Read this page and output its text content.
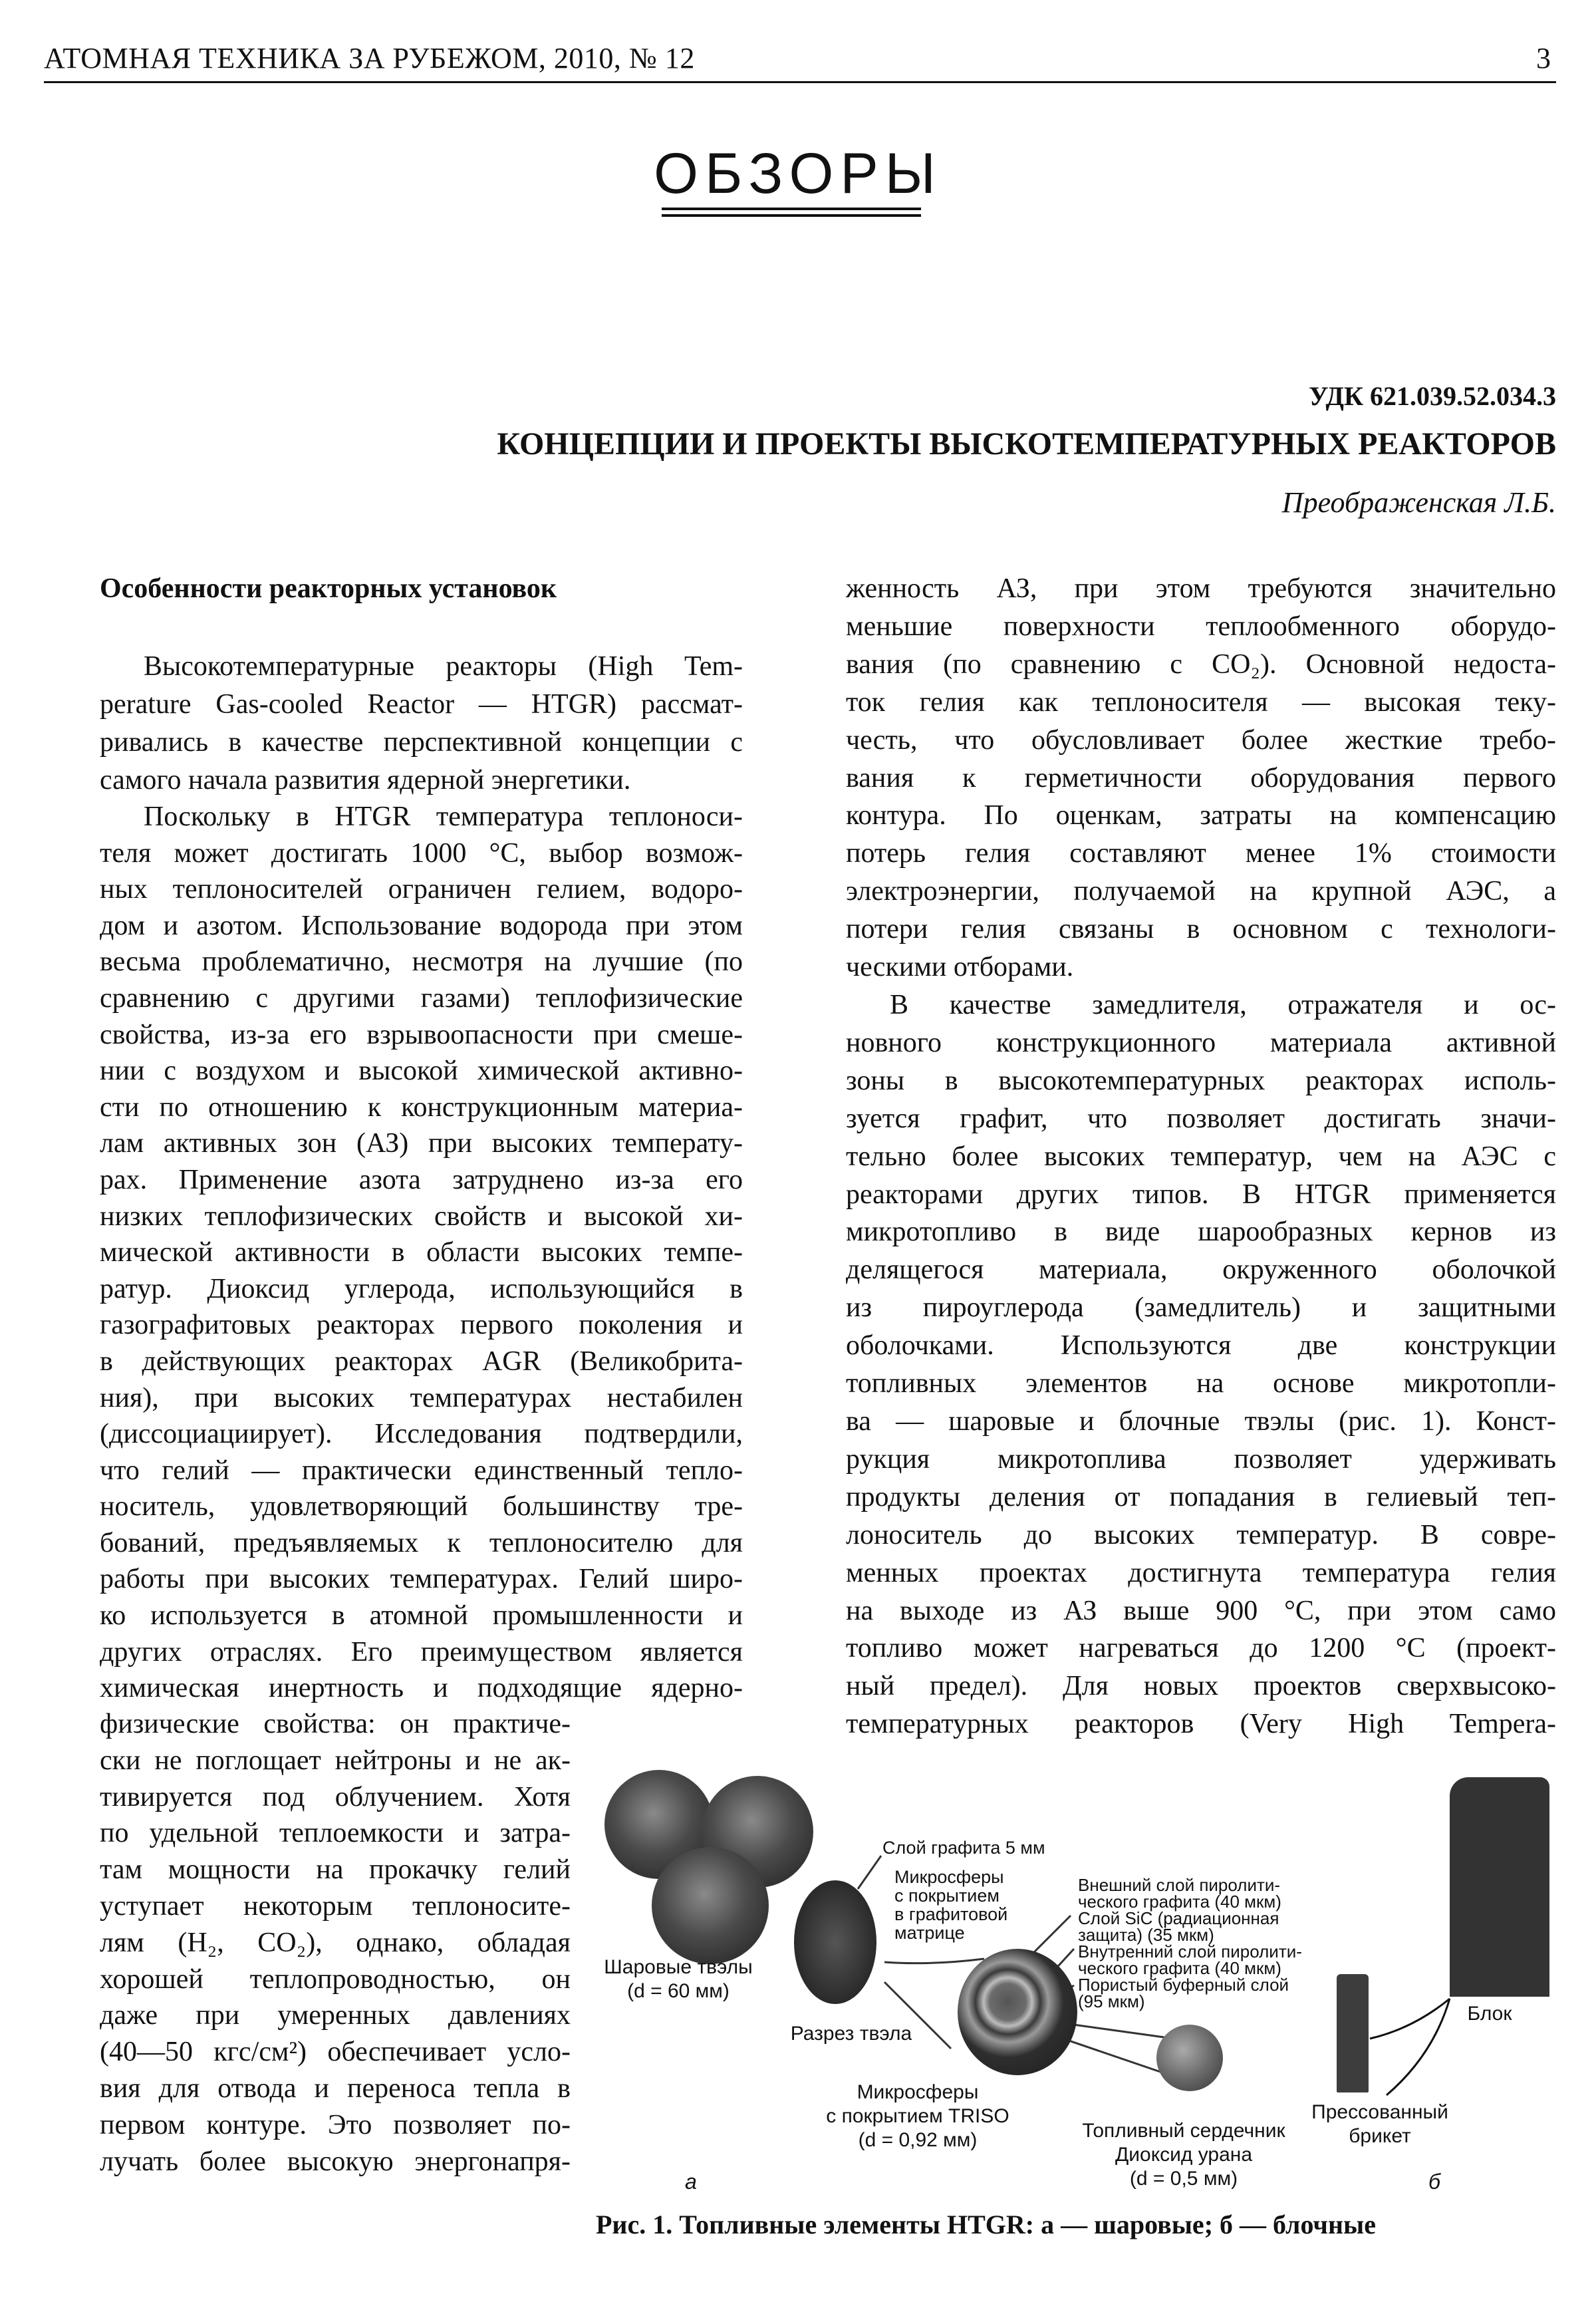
АТОМНАЯ ТЕХНИКА ЗА РУБЕЖОМ, 2010, № 12	3
ОБЗОРЫ
УДК 621.039.52.034.3
КОНЦЕПЦИИ И ПРОЕКТЫ ВЫСКОТЕМПЕРАТУРНЫХ РЕАКТОРОВ
Преображенская Л.Б.
Особенности реакторных установок
Высокотемпературные реакторы (High Tem-
perature Gas-cooled Reactor — HTGR) рассмат-
ривались в качестве перспективной концепции с
самого начала развития ядерной энергетики.
Поскольку в HTGR температура теплоноси-
теля может достигать 1000 °С, выбор возмож-
ных теплоносителей ограничен гелием, водоро-
дом и азотом. Использование водорода при этом
весьма проблематично, несмотря на лучшие (по
сравнению с другими газами) теплофизические
свойства, из-за его взрывоопасности при смеше-
нии с воздухом и высокой химической активно-
сти по отношению к конструкционным материа-
лам активных зон (АЗ) при высоких температу-
рах. Применение азота затруднено из-за его
низких теплофизических свойств и высокой хи-
мической активности в области высоких темпе-
ратур. Диоксид углерода, использующийся в
газографитовых реакторах первого поколения и
в действующих реакторах AGR (Великобрита-
ния), при высоких температурах нестабилен
(диссоциациирует). Исследования подтвердили,
что гелий — практически единственный тепло-
носитель, удовлетворяющий большинству тре-
бований, предъявляемых к теплоносителю для
работы при высоких температурах. Гелий широ-
ко используется в атомной промышленности и
других отраслях. Его преимуществом является
химическая инертность и подходящие ядерно-
физические свойства: он практиче-
ски не поглощает нейтроны и не ак-
тивируется под облучением. Хотя
по удельной теплоемкости и затра-
там мощности на прокачку гелий
уступает некоторым теплоносите-
лям (H₂, CO₂), однако, обладая
хорошей теплопроводностью, он
даже при умеренных давлениях
(40—50 кгс/см²) обеспечивает усло-
вия для отвода и переноса тепла в
первом контуре. Это позволяет по-
лучать более высокую энергонапря-
женность АЗ, при этом требуются значительно
меньшие поверхности теплообменного оборудо-
вания (по сравнению с CO₂). Основной недоста-
ток гелия как теплоносителя — высокая теку-
честь, что обусловливает более жесткие требо-
вания к герметичности оборудования первого
контура. По оценкам, затраты на компенсацию
потерь гелия составляют менее 1% стоимости
электроэнергии, получаемой на крупной АЭС, а
потери гелия связаны в основном с технологи-
ческими отборами.
В качестве замедлителя, отражателя и ос-
новного конструкционного материала активной
зоны в высокотемпературных реакторах исполь-
зуется графит, что позволяет достигать значи-
тельно более высоких температур, чем на АЭС с
реакторами других типов. В HTGR применяется
микротопливо в виде шарообразных кернов из
делящегося материала, окруженного оболочкой
из пироуглерода (замедлитель) и защитными
оболочками. Используются две конструкции
топливных элементов на основе микротопли-
ва — шаровые и блочные твэлы (рис. 1). Конст-
рукция микротоплива позволяет удерживать
продукты деления от попадания в гелиевый теп-
лоноситель до высоких температур. В совре-
менных проектах достигнута температура гелия
на выходе из АЗ выше 900 °С, при этом само
топливо может нагреваться до 1200 °С (проект-
ный предел). Для новых проектов сверхвысоко-
температурных реакторов (Very High Tempera-
Шаровые твэлы
(d = 60 мм)
Разрез твэла
Слой графита 5 мм
Микросферы
с покрытием
в графитовой
матрице
Внешний слой пиролити-
ческого графита (40 мкм)
Слой SiC (радиационная
защита) (35 мкм)
Внутренний слой пиролити-
ческого графита (40 мкм)
Пористый буферный слой
(95 мкм)
Микросферы
с покрытием TRISO
(d = 0,92 мм)	Топливный сердечник
Диоксид урана
(d = 0,5 мм)
Блок
Прессованный
брикет
а	б
Рис. 1. Топливные элементы HTGR: а — шаровые; б — блочные
